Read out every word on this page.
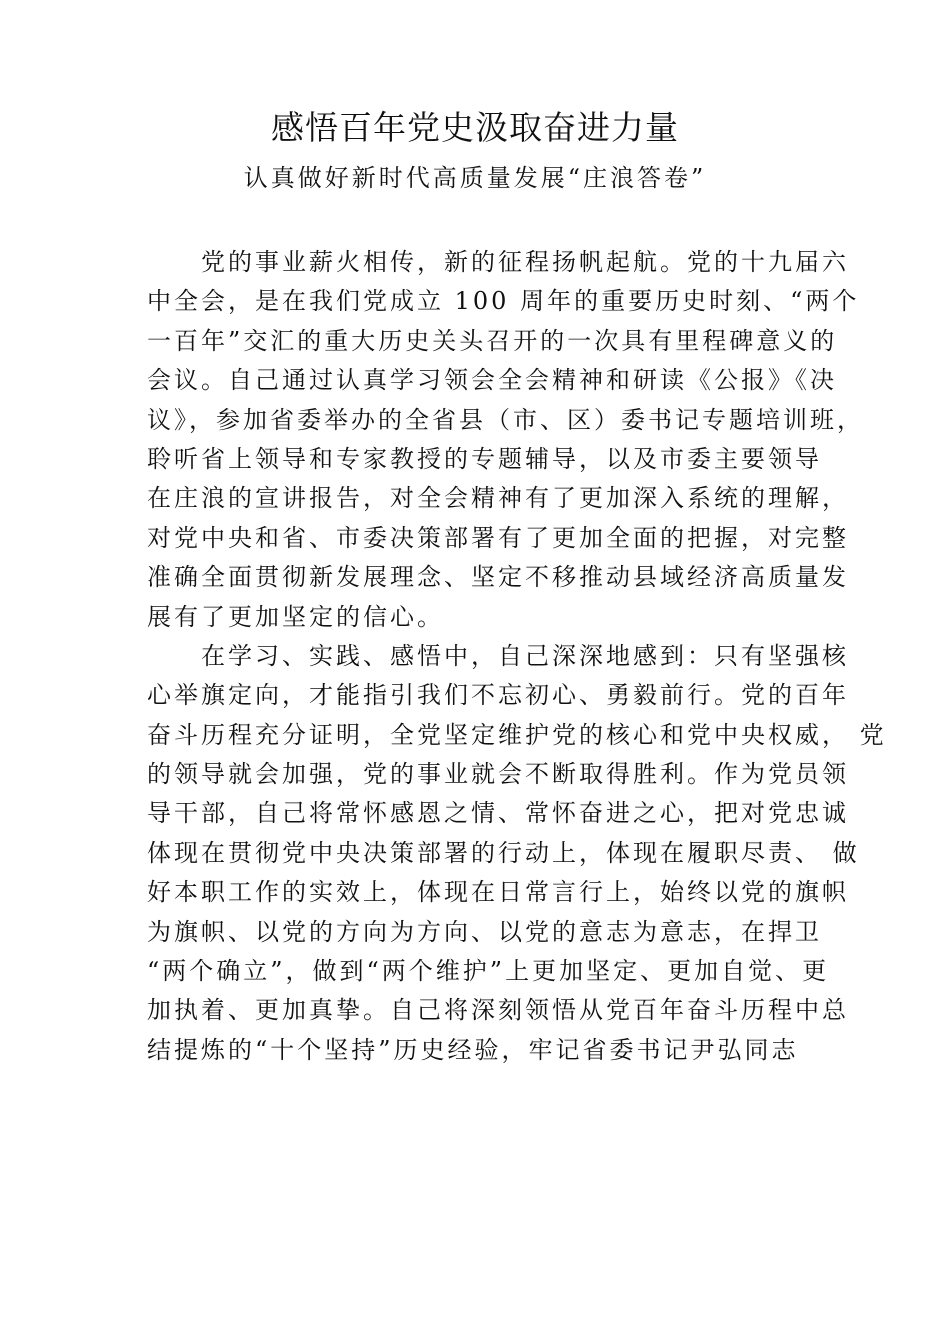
感悟百年党史汲取奋进力量
认真做好新时代高质量发展“庄浪答卷”
　　党的事业薪火相传，新的征程扬帆起航。党的十九届六
中全会，是在我们党成立 100 周年的重要历史时刻、“两个
一百年”交汇的重大历史关头召开的一次具有里程碑意义的
会议。自己通过认真学习领会全会精神和研读《公报》《决
议》，参加省委举办的全省县（市、区）委书记专题培训班，
聆听省上领导和专家教授的专题辅导，以及市委主要领导
在庄浪的宣讲报告，对全会精神有了更加深入系统的理解，
对党中央和省、市委决策部署有了更加全面的把握，对完整
准确全面贯彻新发展理念、坚定不移推动县域经济高质量发
展有了更加坚定的信心。
　　在学习、实践、感悟中，自己深深地感到：只有坚强核
心举旗定向，才能指引我们不忘初心、勇毅前行。党的百年
奋斗历程充分证明，全党坚定维护党的核心和党中央权威， 党
的领导就会加强，党的事业就会不断取得胜利。作为党员领
导干部，自己将常怀感恩之情、常怀奋进之心，把对党忠诚
体现在贯彻党中央决策部署的行动上，体现在履职尽责、 做
好本职工作的实效上，体现在日常言行上，始终以党的旗帜
为旗帜、以党的方向为方向、以党的意志为意志，在捍卫
“两个确立”，做到“两个维护”上更加坚定、更加自觉、更
加执着、更加真挚。自己将深刻领悟从党百年奋斗历程中总
结提炼的“十个坚持”历史经验，牢记省委书记尹弘同志
